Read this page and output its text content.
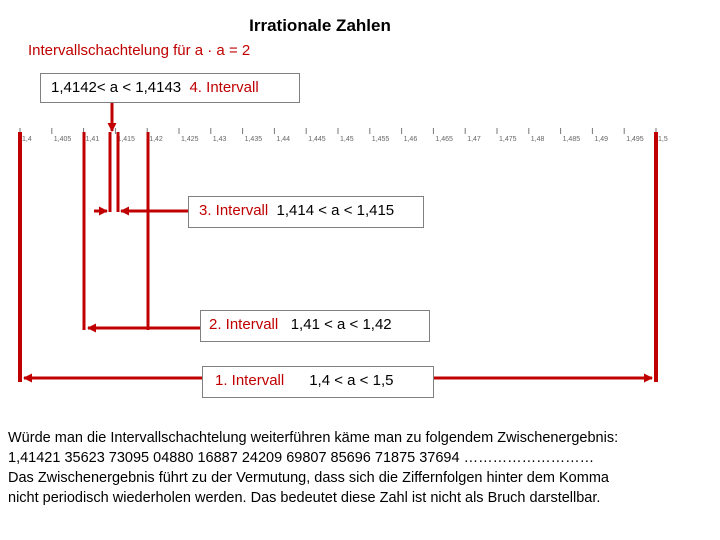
Irrationale Zahlen
Intervallschachtelung für a · a = 2
1,4	1,405 1,41	1,415 1,42	1,425 1,43	1,435 1,44	1,445 1,45	1,455 1,46	1,465 1,47	1,475 1,48	1,485 1,49	1,495 1,5
1,4142< a < 1,4143 4. Intervall
3. Intervall 1,414 < a < 1,415
2. Intervall 1,41 < a < 1,42
1. Intervall 1,4 < a < 1,5
Würde man die Intervallschachtelung weiterführen käme man zu folgendem Zwischenergebnis:
1,41421 35623 73095 04880 16887 24209 69807 85696 71875 37694 ………………………
Das Zwischenergebnis führt zu der Vermutung, dass sich die Ziffernfolgen hinter dem Komma
nicht periodisch wiederholen werden. Das bedeutet diese Zahl ist nicht als Bruch darstellbar.
